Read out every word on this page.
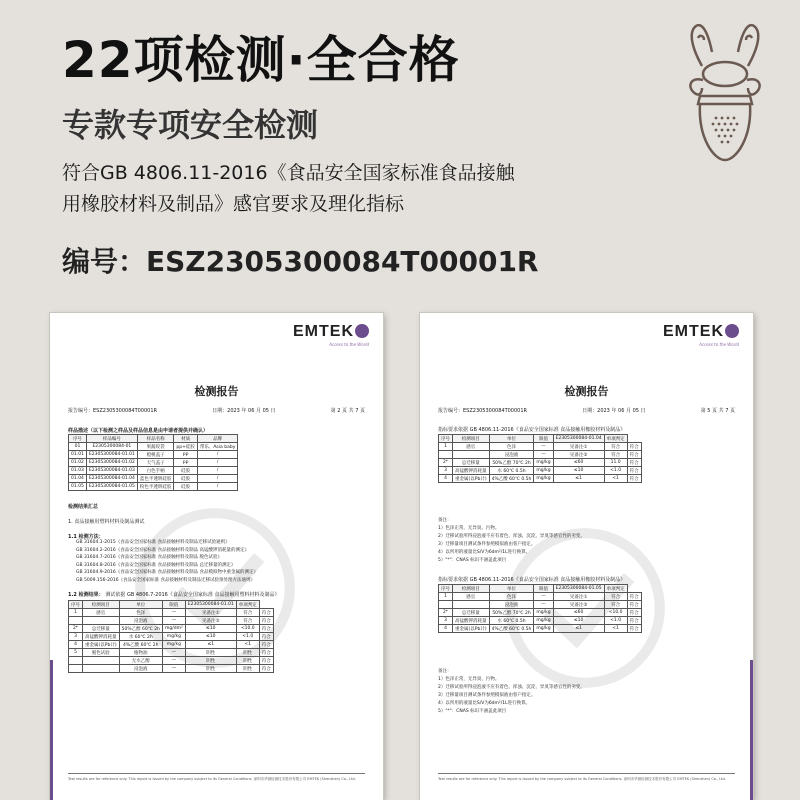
22项检测·全合格
专款专项安全检测
符合GB 4806.11-2016《食品安全国家标准食品接触
用橡胶材料及制品》感官要求及理化指标
编号：ESZ2305300084T00001R
EMTEK
Access to the World
检测报告
报告编号：ESZ2305300084T00001R	日期：2023 年 06 月 05 日	第 2 页 共 7 页
样品描述（以下检测之样品及样品信息是由申请者提供并确认）
序号	样品编号	样品名称	材质	品牌
01	E2305300084-01	果蔬咬袋	pp+硅胶	带乐、Asia baby
01.01	E2305300084-01.01	橙桃盖子	pp	/
01.02	E2305300084-01.02	天气盖子	pp	/
01.03	E2305300084-01.03	白色手柄	硅胶	/
01.04	E2305300084-01.04	蓝色半透明硅胶	硅胶	/
01.05	E2305300084-01.05	粉色半透明硅胶	硅胶	/
检测结果汇总
1. 食品接触用塑料材料及制品测试
1.1 检测方法：
GB 31604.1-2015《食品安全国家标准 食品接触材料及制品迁移试验通则》
GB 31604.2-2016《食品安全国家标准 食品接触材料及制品 高锰酸钾消耗量的测定》
GB 31604.7-2016《食品安全国家标准 食品接触材料及制品 脱色试验》
GB 31604.8-2016《食品安全国家标准 食品接触材料及制品 总迁移量的测定》
GB 31604.9-2016《食品安全国家标准 食品接触材料及制品 食品模拟物中重金属的测定》
GB 5009.156-2016《食品安全国家标准 食品接触材料及制品迁移试验预处理方法通则》
1.2 检测结果： 测试依据 GB 4806.7-2016《食品安全国家标准 食品接触用塑料材料及制品》
序号	检测项目	单位	限值	E2305300084-01.01	单项判定	
1	感官	色泽	—	见备注①	符合	符合
		浸泡液	—	见备注②	符合	符合
2*	总迁移量	50%乙醇 60℃ 2h	mg/dm²	≤10	<10.0	符合
3	高锰酸钾消耗量	水 60℃ 2h	mg/kg	≤10	<1.0	符合
4	重金属(以Pb计)	4%乙酸 60℃ 2h	mg/kg	≤1	<1	符合
5	脱色试验	植物油	—	阴性	阴性	符合
		无水乙醇	—	阴性	阴性	符合
		浸泡液	—	阴性	阴性	符合
Test results are for reference only. This report is issued by the company subject to its General Conditions. 深圳市华测检测技术股份有限公司 EMTEK (Shenzhen) Co., Ltd.
EMTEK
Access to the World
检测报告
报告编号：ESZ2305300084T00001R	日期：2023 年 06 月 05 日	第 5 页 共 7 页
指标要求依据 GB 4806.11-2016《食品安全国家标准 食品接触用橡胶材料及制品》
序号	检测项目	单位	限值	E2305300084-01.04	单项判定	
1	感官	色泽	—	见备注①	符合	符合
		浸泡液	—	见备注②	符合	符合
2*	总迁移量	50%乙醇 70℃ 2h	mg/kg	≤60	11.0	符合
3	高锰酸钾消耗量	水 60℃ 0.5h	mg/kg	≤10	<1.0	符合
4	重金属(以Pb计)	4%乙酸 60℃ 0.5h	mg/kg	≤1	<1	符合
备注：
1）色泽正常，无异臭、污物。
2）迁移试验所得浸泡液不应有着色、浑浊、沉淀、异臭等感官性的劣变。
3）迁移量项目测试条件参照模拟液由客户指定。
4）以所用的液量比S/V为6dm²/1L进行换算。
5）"*"：CNAS 标识不涵盖此项目
指标要求依据 GB 4806.11-2016《食品安全国家标准 食品接触用橡胶材料及制品》
序号	检测项目	单位	限值	E2305300084-01.05	单项判定	
1	感官	色泽	—	见备注①	符合	符合
		浸泡液	—	见备注②	符合	符合
2*	总迁移量	50%乙醇 70℃ 2h	mg/kg	≤60	<10.0	符合
3	高锰酸钾消耗量	水 60℃ 0.5h	mg/kg	≤10	<1.0	符合
4	重金属(以Pb计)	4%乙酸 60℃ 0.5h	mg/kg	≤1	<1	符合
备注：
1）色泽正常，无异臭、污物。
2）迁移试验所得浸泡液不应有着色、浑浊、沉淀、异臭等感官性的劣变。
3）迁移量项目测试条件参照模拟液由客户指定。
4）以所用的液量比S/V为6dm²/1L进行换算。
5）"*"：CNAS 标识不涵盖此项目
Test results are for reference only. This report is issued by the company subject to its General Conditions. 深圳市华测检测技术股份有限公司 EMTEK (Shenzhen) Co., Ltd.
